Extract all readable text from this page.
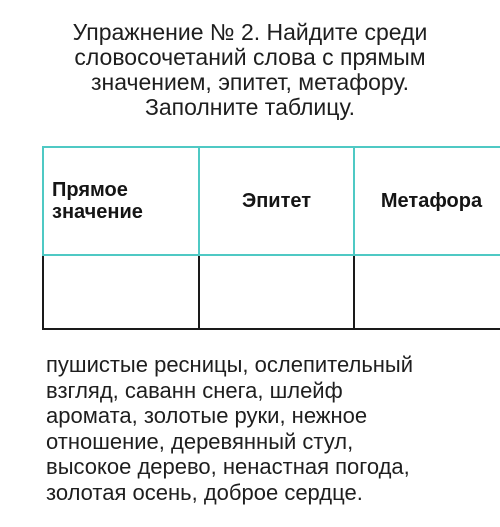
Упражнение № 2. Найдите среди
словосочетаний слова с прямым
значением, эпитет, метафору.
Заполните таблицу.
Прямое
значение	Эпитет	Метафора

пушистые ресницы, ослепительный
взгляд, саванн снега, шлейф
аромата, золотые руки, нежное
отношение, деревянный стул,
высокое дерево, ненастная погода,
золотая осень, доброе сердце.
